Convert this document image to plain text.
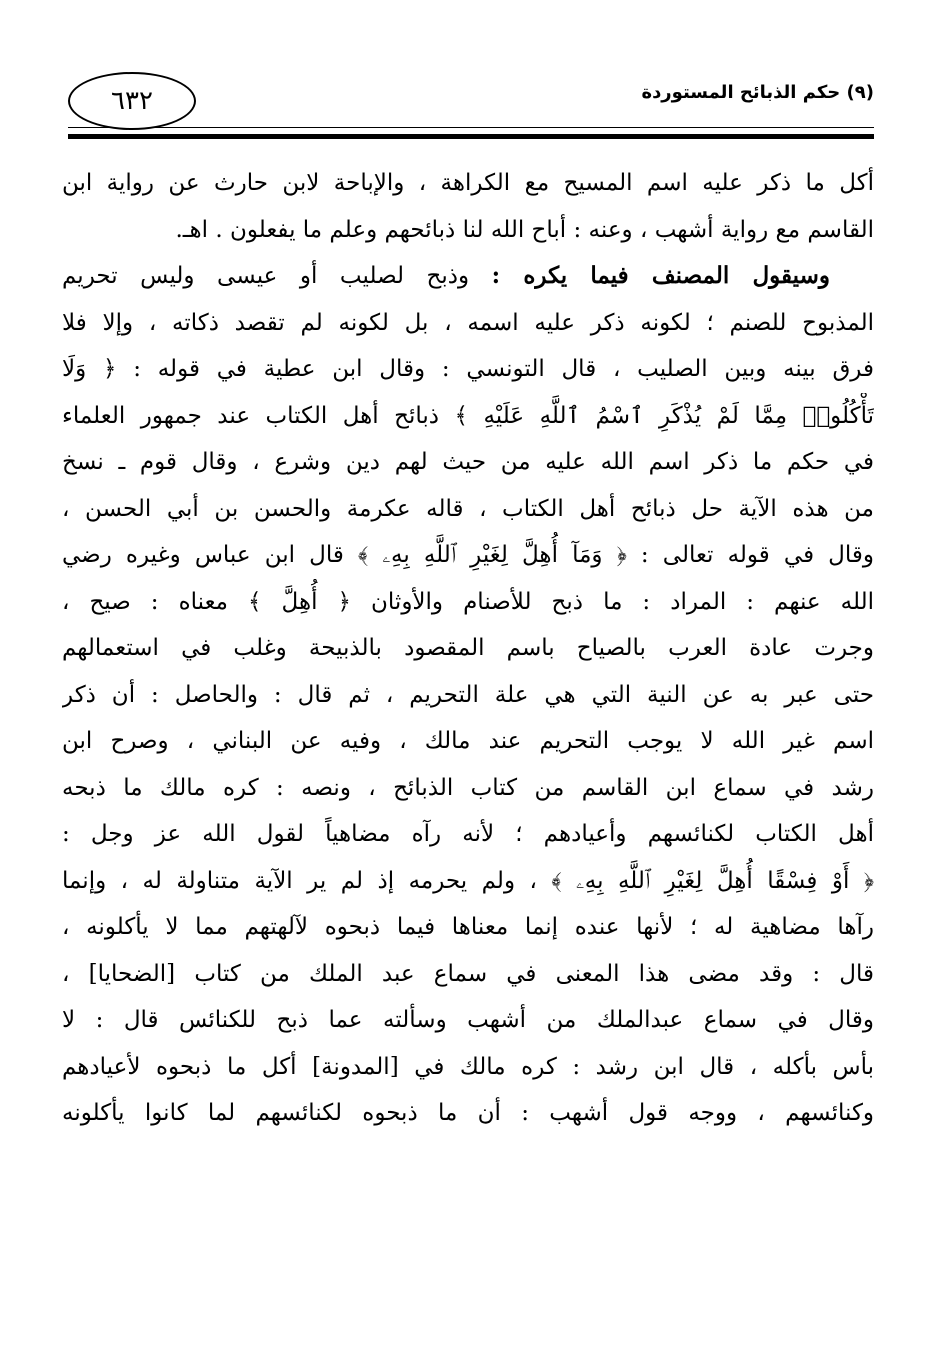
٦٣٢	(٩) حكم الذبائح المستوردة
أكل ما ذكر عليه اسم المسيح مع الكراهة ، والإباحة لابن حارث عن رواية ابن
القاسم مع رواية أشهب ، وعنه : أباح الله لنا ذبائحهم وعلم ما يفعلون . اهـ.
وسيقول المصنف فيما يكره : وذبح لصليب أو عيسى وليس تحريم
المذبوح للصنم ؛ لكونه ذكر عليه اسمه ، بل لكونه لم تقصد ذكاته ، وإلا فلا
فرق بينه وبين الصليب ، قال التونسي : وقال ابن عطية في قوله : ﴿ وَلَا
تَأْكُلُوا۟ مِمَّا لَمْ يُذْكَرِ ٱسْمُ ٱللَّهِ عَلَيْهِ ﴾ ذبائح أهل الكتاب عند جمهور العلماء
في حكم ما ذكر اسم الله عليه من حيث لهم دين وشرع ، وقال قوم ـ نسخ
من هذه الآية حل ذبائح أهل الكتاب ، قاله عكرمة والحسن بن أبي الحسن ،
وقال في قوله تعالى : ﴿ وَمَآ أُهِلَّ لِغَيْرِ ٱللَّهِ بِهِۦ ﴾ قال ابن عباس وغيره رضي
الله عنهم : المراد : ما ذبح للأصنام والأوثان ﴿ أُهِلَّ ﴾ معناه : صيح ،
وجرت عادة العرب بالصياح باسم المقصود بالذبيحة وغلب في استعمالهم
حتى عبر به عن النية التي هي علة التحريم ، ثم قال : والحاصل : أن ذكر
اسم غير الله لا يوجب التحريم عند مالك ، وفيه عن البناني ، وصرح ابن
رشد في سماع ابن القاسم من كتاب الذبائح ، ونصه : كره مالك ما ذبحه
أهل الكتاب لكنائسهم وأعيادهم ؛ لأنه رآه مضاهياً لقول الله عز وجل :
﴿ أَوْ فِسْقًا أُهِلَّ لِغَيْرِ ٱللَّهِ بِهِۦ ﴾ ، ولم يحرمه إذ لم ير الآية متناولة له ، وإنما
رآها مضاهية له ؛ لأنها عنده إنما معناها فيما ذبحوه لآلهتهم مما لا يأكلونه ،
قال : وقد مضى هذا المعنى في سماع عبد الملك من كتاب [الضحايا] ،
وقال في سماع عبدالملك من أشهب وسألته عما ذبح للكنائس قال : لا
بأس بأكله ، قال ابن رشد : كره مالك في [المدونة] أكل ما ذبحوه لأعيادهم
وكنائسهم ، ووجه قول أشهب : أن ما ذبحوه لكنائسهم لما كانوا يأكلونه
